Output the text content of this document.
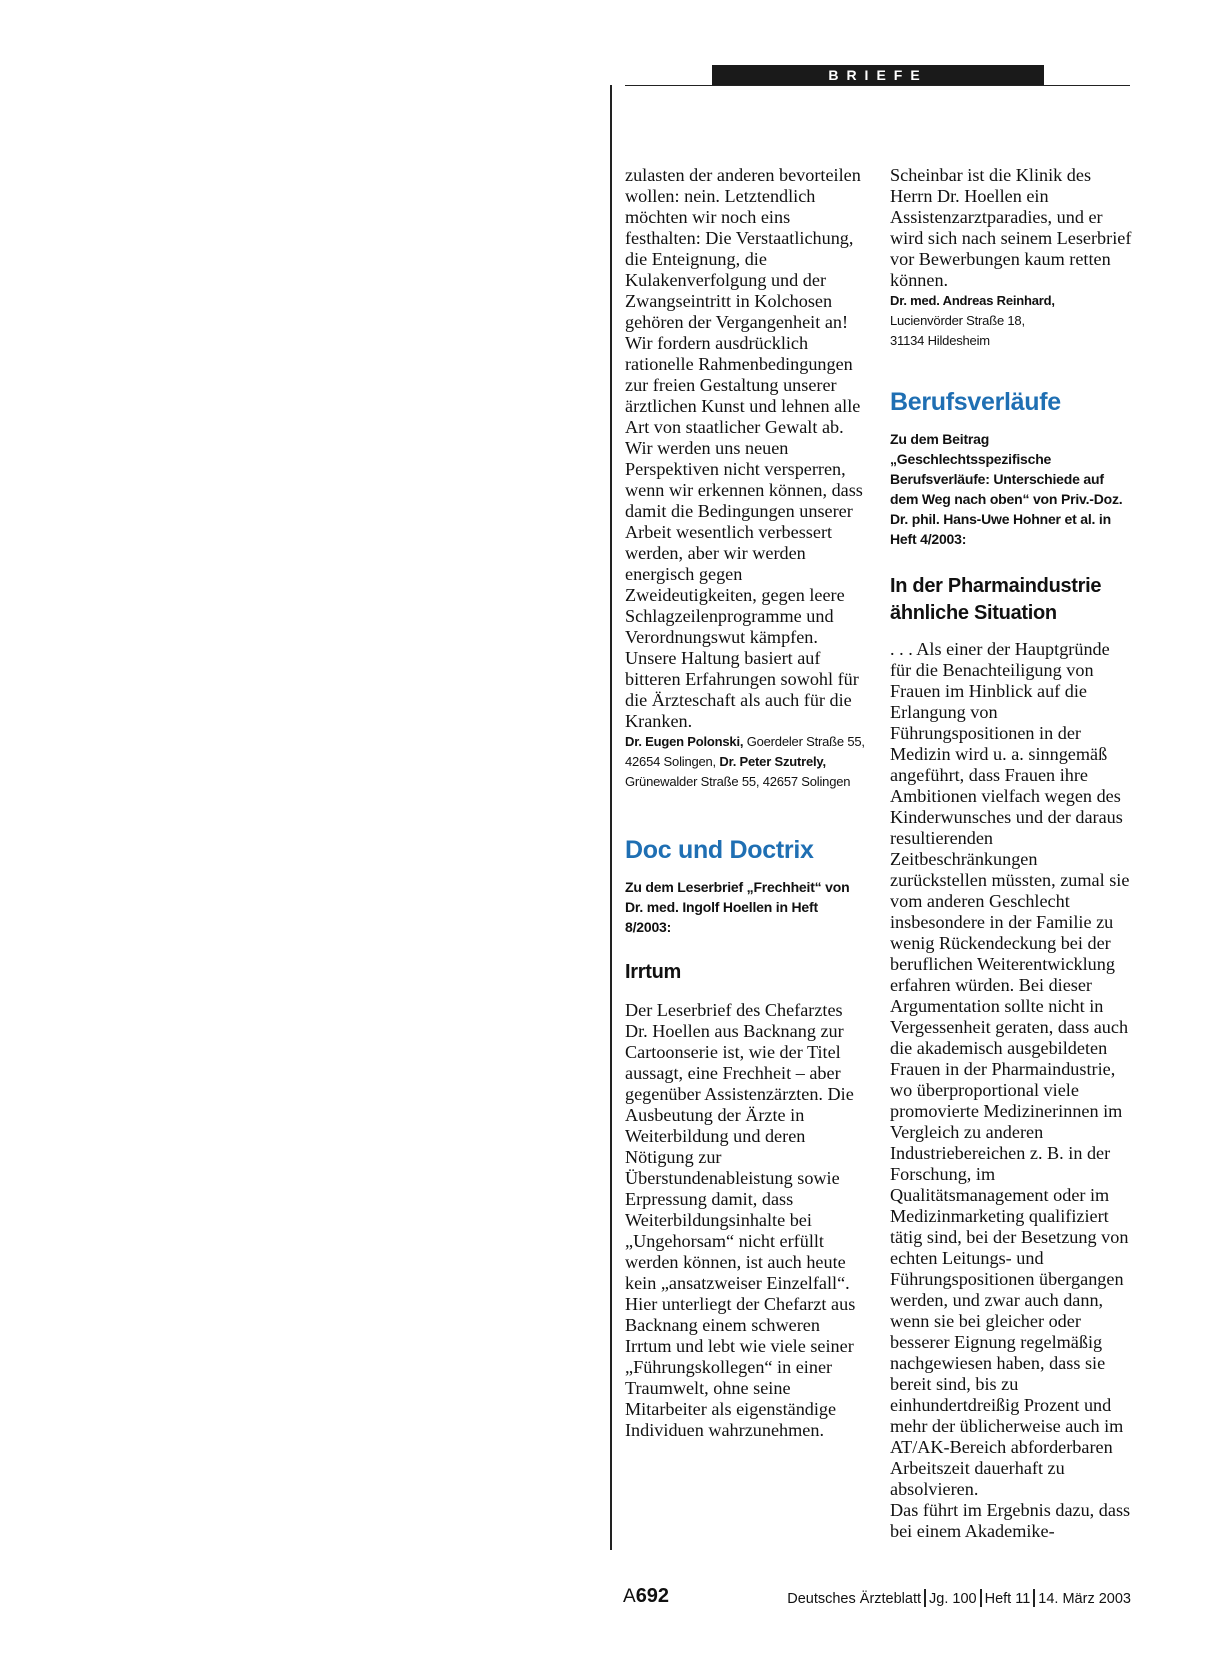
BRIEFE

zulasten der anderen bevorteilen wollen: nein. Letztendlich möchten wir noch eins festhalten: Die Verstaatlichung, die Enteignung, die Kulakenverfolgung und der Zwangseintritt in Kolchosen gehören der Vergangenheit an! Wir fordern ausdrücklich rationelle Rahmenbedingungen zur freien Gestaltung unserer ärztlichen Kunst und lehnen alle Art von staatlicher Gewalt ab. Wir werden uns neuen Perspektiven nicht versperren, wenn wir erkennen können, dass damit die Bedingungen unserer Arbeit wesentlich verbessert werden, aber wir werden energisch gegen Zweideutigkeiten, gegen leere Schlagzeilenprogramme und Verordnungswut kämpfen. Unsere Haltung basiert auf bitteren Erfahrungen sowohl für die Ärzteschaft als auch für die Kranken.

Dr. Eugen Polonski, Goerdeler Straße 55, 42654 Solingen, Dr. Peter Szutrely, Grünewalder Straße 55, 42657 Solingen

Doc und Doctrix

Zu dem Leserbrief „Frechheit“ von Dr. med. Ingolf Hoellen in Heft 8/2003:

Irrtum

Der Leserbrief des Chefarztes Dr. Hoellen aus Backnang zur Cartoonserie ist, wie der Titel aussagt, eine Frechheit – aber gegenüber Assistenzärzten. Die Ausbeutung der Ärzte in Weiterbildung und deren Nötigung zur Überstundenableistung sowie Erpressung damit, dass Weiterbildungsinhalte bei „Ungehorsam“ nicht erfüllt werden können, ist auch heute kein „ansatzweiser Einzelfall“. Hier unterliegt der Chefarzt aus Backnang einem schweren Irrtum und lebt wie viele seiner „Führungskollegen“ in einer Traumwelt, ohne seine Mitarbeiter als eigenständige Individuen wahrzunehmen.

Scheinbar ist die Klinik des Herrn Dr. Hoellen ein Assistenzarztparadies, und er wird sich nach seinem Leserbrief vor Bewerbungen kaum retten können.

Dr. med. Andreas Reinhard,
Lucienvörder Straße 18,
31134 Hildesheim

Berufsverläufe

Zu dem Beitrag „Geschlechtsspezifische Berufsverläufe: Unterschiede auf dem Weg nach oben“ von Priv.-Doz. Dr. phil. Hans-Uwe Hohner et al. in Heft 4/2003:

In der Pharmaindustrie ähnliche Situation

. . . Als einer der Hauptgründe für die Benachteiligung von Frauen im Hinblick auf die Erlangung von Führungspositionen in der Medizin wird u. a. sinngemäß angeführt, dass Frauen ihre Ambitionen vielfach wegen des Kinderwunsches und der daraus resultierenden Zeitbeschränkungen zurückstellen müssten, zumal sie vom anderen Geschlecht insbesondere in der Familie zu wenig Rückendeckung bei der beruflichen Weiterentwicklung erfahren würden. Bei dieser Argumentation sollte nicht in Vergessenheit geraten, dass auch die akademisch ausgebildeten Frauen in der Pharmaindustrie, wo überproportional viele promovierte Medizinerinnen im Vergleich zu anderen Industriebereichen z. B. in der Forschung, im Qualitätsmanagement oder im Medizinmarketing qualifiziert tätig sind, bei der Besetzung von echten Leitungs- und Führungspositionen übergangen werden, und zwar auch dann, wenn sie bei gleicher oder besserer Eignung regelmäßig nachgewiesen haben, dass sie bereit sind, bis zu einhundertdreißig Prozent und mehr der üblicherweise auch im AT/AK-Bereich abforderbaren Arbeitszeit dauerhaft zu absolvieren.

Das führt im Ergebnis dazu, dass bei einem Akademike-

A692	Deutsches Ärzteblatt Jg. 100 Heft 11 14. März 2003
